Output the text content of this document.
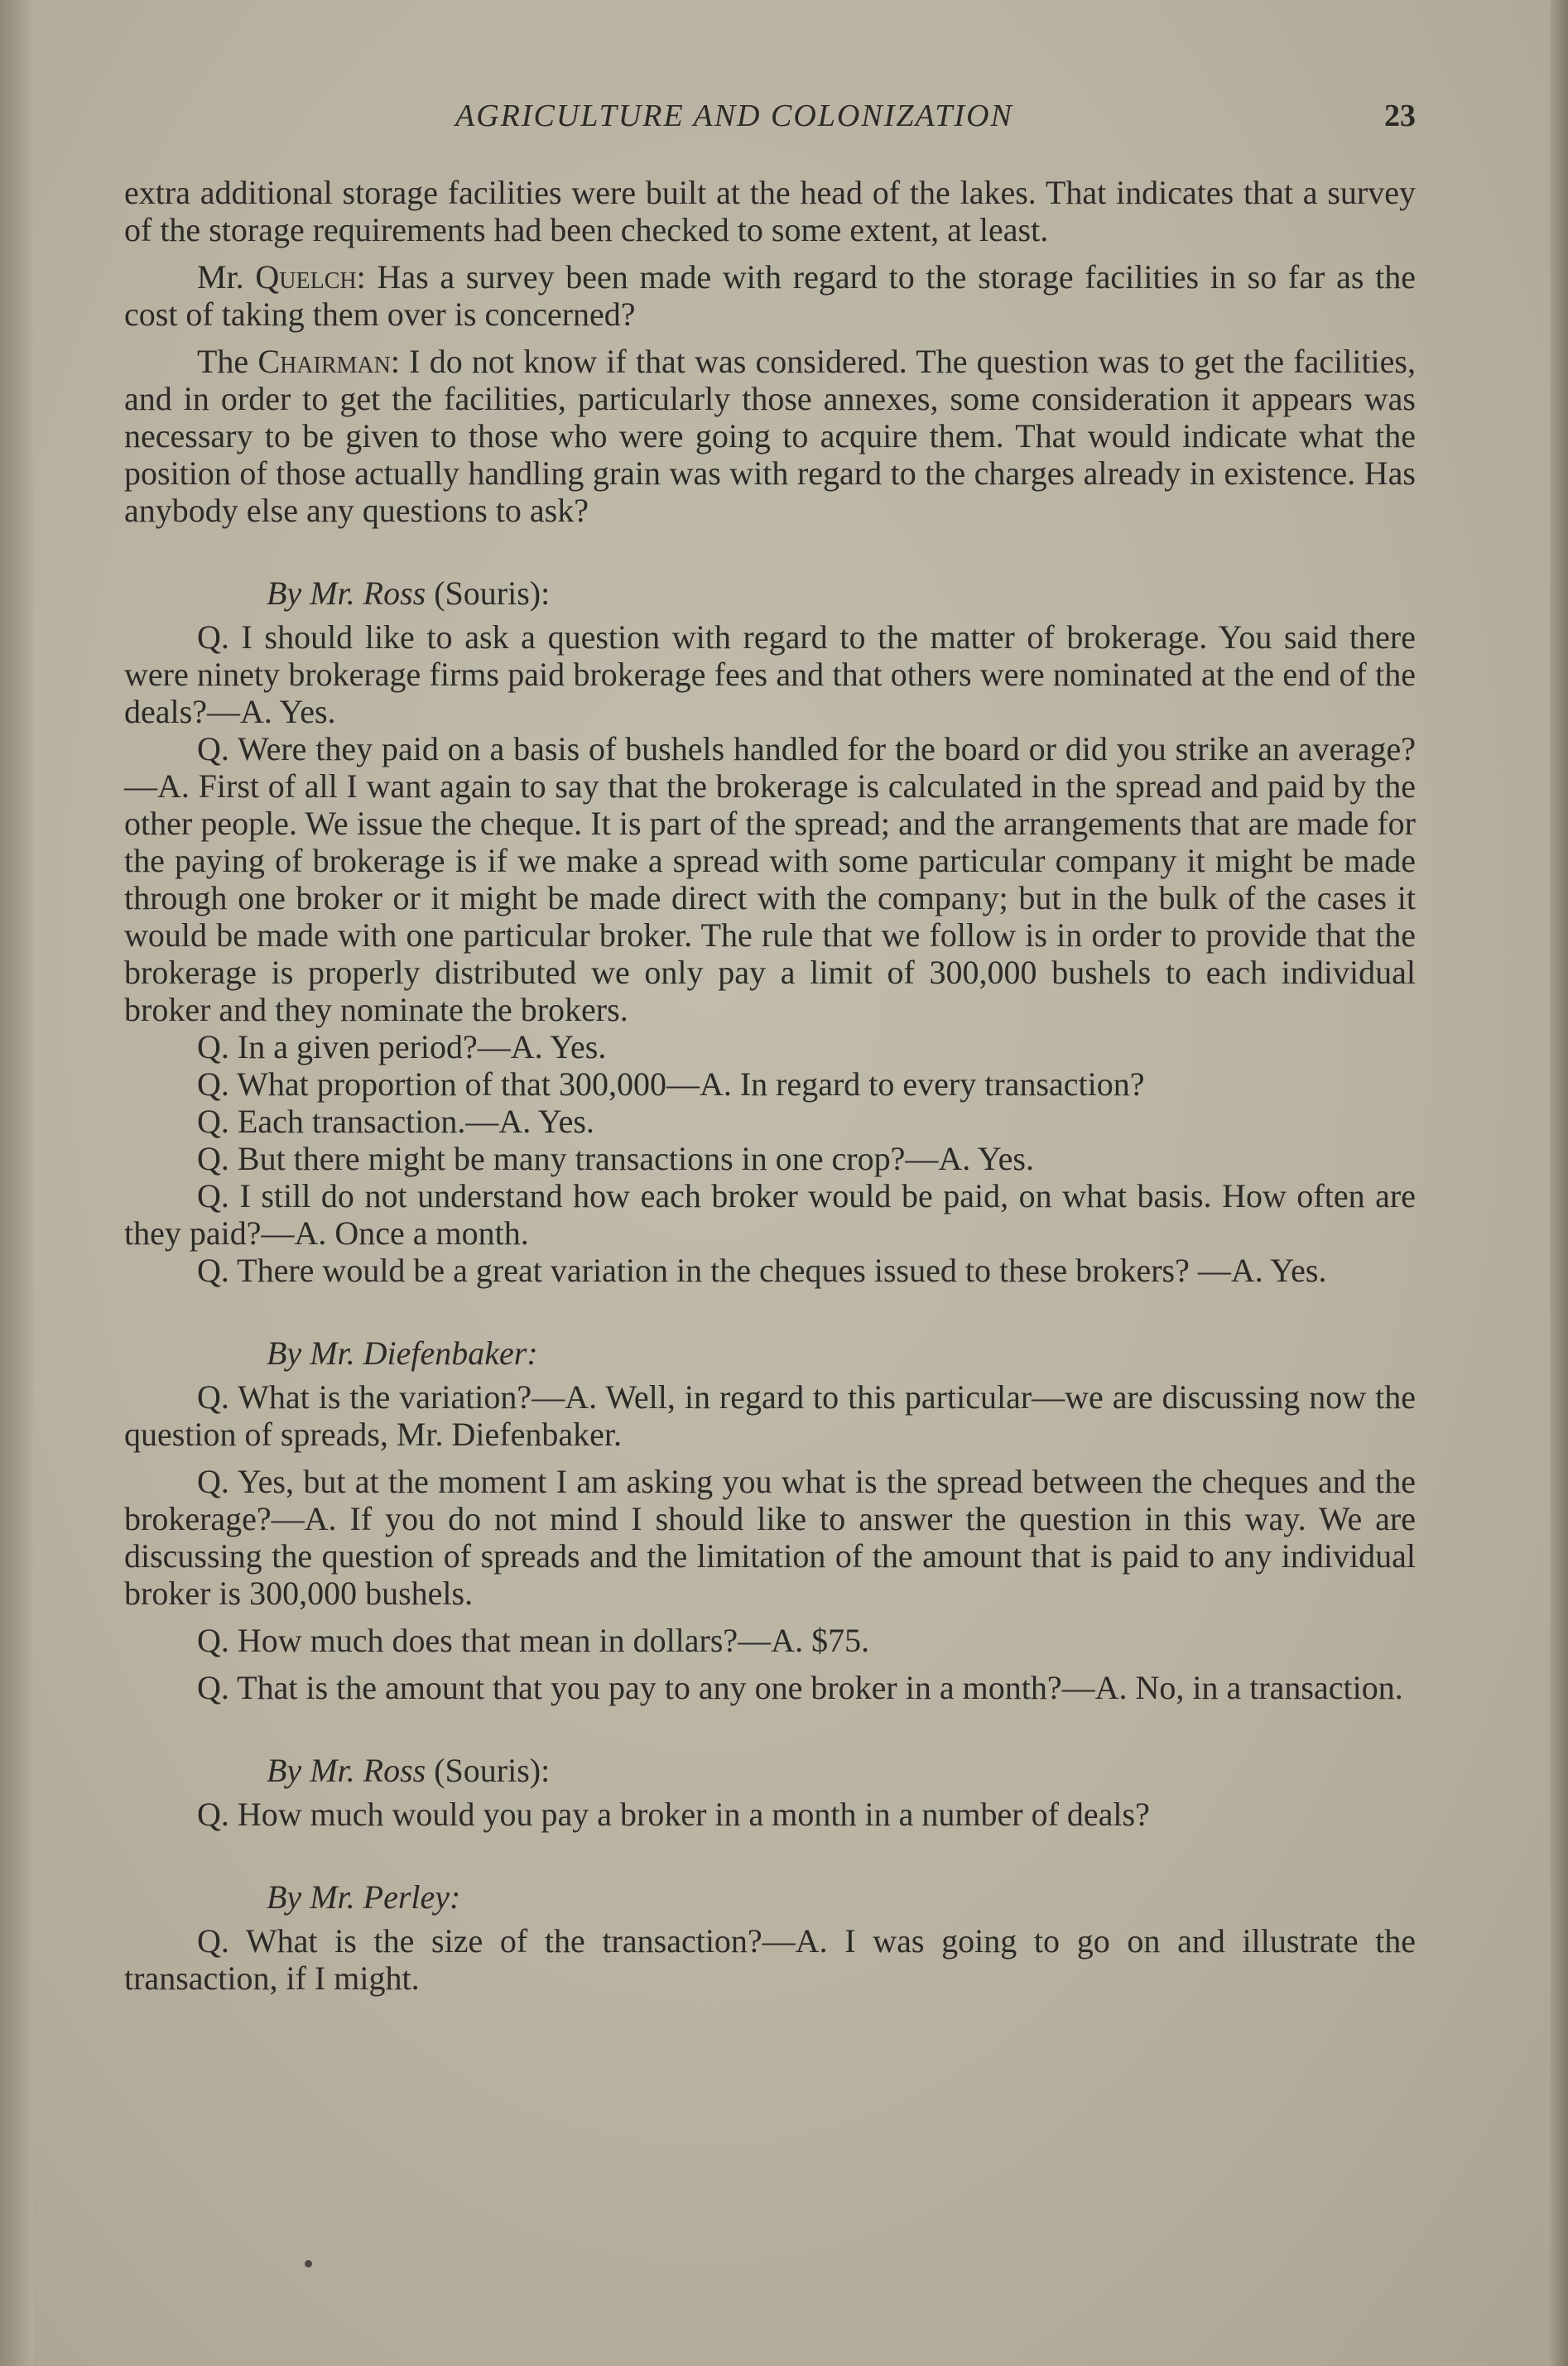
AGRICULTURE AND COLONIZATION	23

extra additional storage facilities were built at the head of the lakes. That indicates that a survey of the storage requirements had been checked to some extent, at least.

Mr. Quelch: Has a survey been made with regard to the storage facilities in so far as the cost of taking them over is concerned?

The Chairman: I do not know if that was considered. The question was to get the facilities, and in order to get the facilities, particularly those annexes, some consideration it appears was necessary to be given to those who were going to acquire them. That would indicate what the position of those actually handling grain was with regard to the charges already in existence. Has anybody else any questions to ask?

By Mr. Ross (Souris):

Q. I should like to ask a question with regard to the matter of brokerage. You said there were ninety brokerage firms paid brokerage fees and that others were nominated at the end of the deals?—A. Yes.

Q. Were they paid on a basis of bushels handled for the board or did you strike an average?—A. First of all I want again to say that the brokerage is calculated in the spread and paid by the other people. We issue the cheque. It is part of the spread; and the arrangements that are made for the paying of brokerage is if we make a spread with some particular company it might be made through one broker or it might be made direct with the company; but in the bulk of the cases it would be made with one particular broker. The rule that we follow is in order to provide that the brokerage is properly distributed we only pay a limit of 300,000 bushels to each individual broker and they nominate the brokers.

Q. In a given period?—A. Yes.

Q. What proportion of that 300,000—A. In regard to every transaction?

Q. Each transaction.—A. Yes.

Q. But there might be many transactions in one crop?—A. Yes.

Q. I still do not understand how each broker would be paid, on what basis. How often are they paid?—A. Once a month.

Q. There would be a great variation in the cheques issued to these brokers? —A. Yes.

By Mr. Diefenbaker:

Q. What is the variation?—A. Well, in regard to this particular—we are discussing now the question of spreads, Mr. Diefenbaker.

Q. Yes, but at the moment I am asking you what is the spread between the cheques and the brokerage?—A. If you do not mind I should like to answer the question in this way. We are discussing the question of spreads and the limitation of the amount that is paid to any individual broker is 300,000 bushels.

Q. How much does that mean in dollars?—A. $75.

Q. That is the amount that you pay to any one broker in a month?—A. No, in a transaction.

By Mr. Ross (Souris):

Q. How much would you pay a broker in a month in a number of deals?

By Mr. Perley:

Q. What is the size of the transaction?—A. I was going to go on and illustrate the transaction, if I might.
